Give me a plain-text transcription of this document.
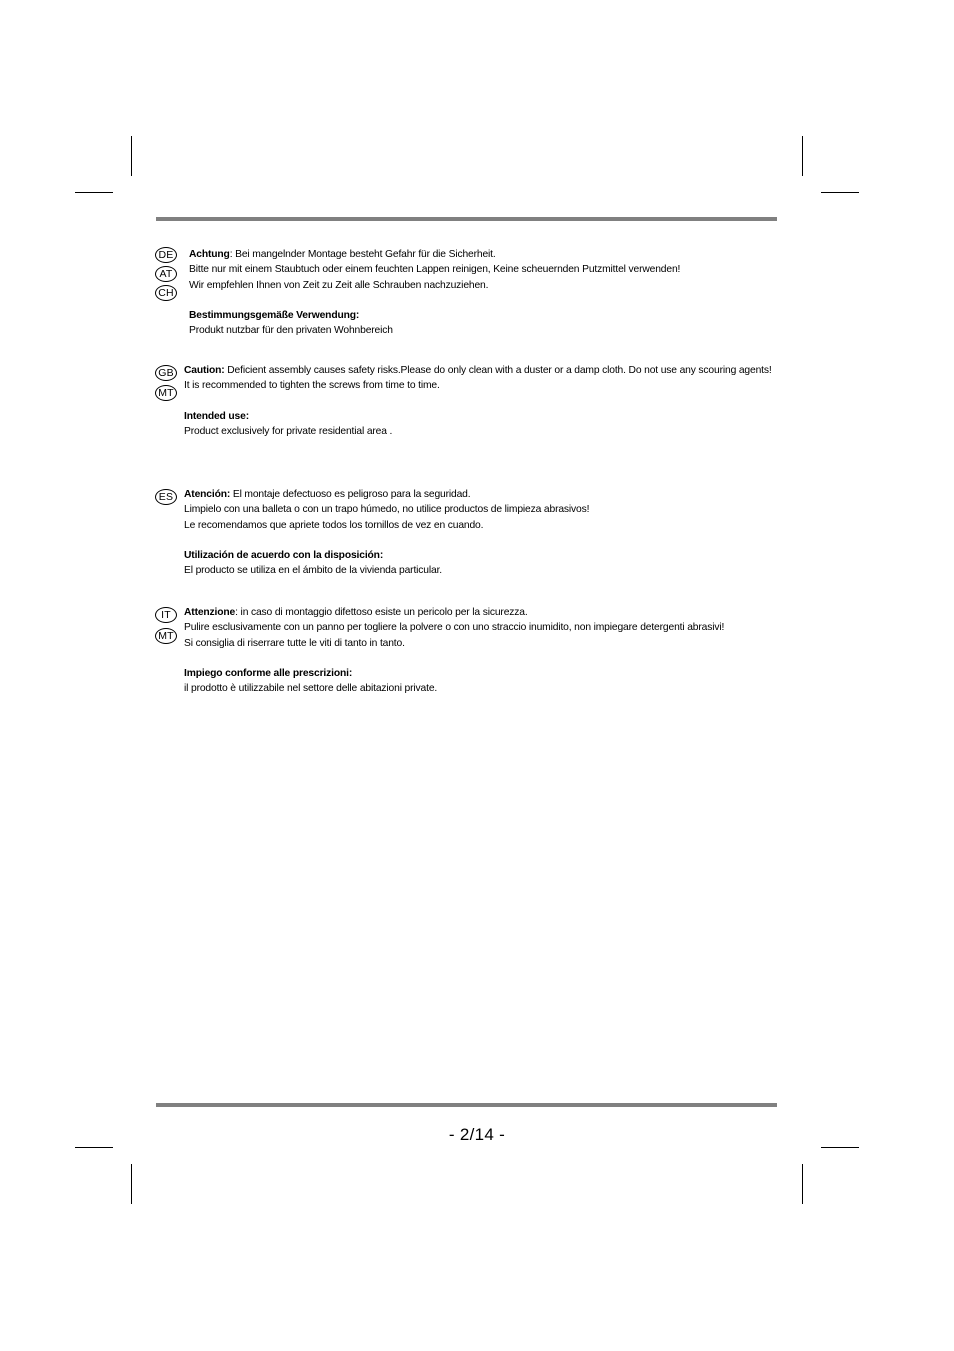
DE
AT
CH

Achtung: Bei mangelnder Montage besteht Gefahr für die Sicherheit.

Bitte nur mit einem Staubtuch oder einem feuchten Lappen reinigen, Keine scheuernden Putzmittel verwenden!

Wir empfehlen Ihnen von Zeit zu Zeit alle Schrauben nachzuziehen.

Bestimmungsgemäße Verwendung:

Produkt nutzbar für den privaten Wohnbereich

GB
MT

Caution: Deficient assembly causes safety risks.Please do only clean with a duster or a damp cloth. Do not use any scouring agents!

It is recommended to tighten the screws from time to time.

Intended use:

Product exclusively for private residential area .

ES	Atención: El montaje defectuoso es peligroso para la seguridad.

Limpielo con una balleta o con un trapo húmedo, no utilice productos de limpieza abrasivos!

Le recomendamos que apriete todos los tornillos de vez en cuando.

Utilización de acuerdo con la disposición:

El producto se utiliza en el ámbito de la vivienda particular.

IT
MT

Attenzione: in caso di montaggio difettoso esiste un pericolo per la sicurezza.

Pulire esclusivamente con un panno per togliere la polvere o con uno straccio inumidito, non impiegare detergenti abrasivi!

Si consiglia di riserrare tutte le viti di tanto in tanto.

Impiego conforme alle prescrizioni:

il prodotto è utilizzabile nel settore delle abitazioni private.

- 2/14 -
